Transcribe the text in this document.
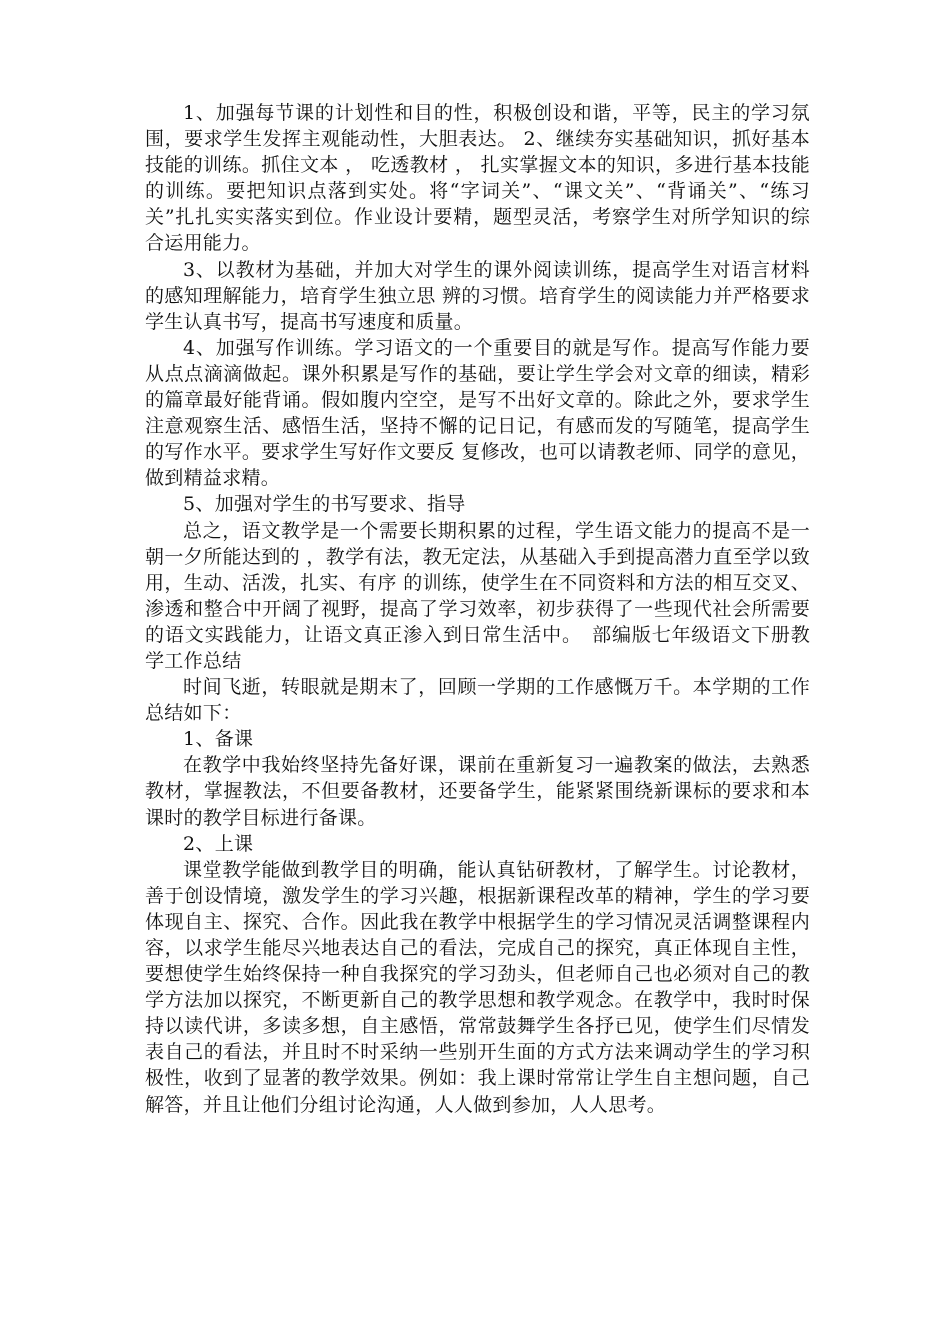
1、加强每节课的计划性和目的性，积极创设和谐，平等，民主的学习氛围，要求学生发挥主观能动性，大胆表达。 2、继续夯实基础知识，抓好基本技能的训练。抓住文本 ， 吃透教材 ， 扎实掌握文本的知识，多进行基本技能的训练。要把知识点落到实处。将“字词关”、“课文关”、“背诵关”、“练习关”扎扎实实落实到位。作业设计要精，题型灵活，考察学生对所学知识的综合运用能力。

3、以教材为基础，并加大对学生的课外阅读训练，提高学生对语言材料的感知理解能力，培育学生独立思 辨的习惯。培育学生的阅读能力并严格要求学生认真书写，提高书写速度和质量。

4、加强写作训练。学习语文的一个重要目的就是写作。提高写作能力要从点点滴滴做起。课外积累是写作的基础，要让学生学会对文章的细读，精彩的篇章最好能背诵。假如腹内空空，是写不出好文章的。除此之外，要求学生注意观察生活、感悟生活，坚持不懈的记日记，有感而发的写随笔，提高学生的写作水平。要求学生写好作文要反 复修改，也可以请教老师、同学的意见，做到精益求精。

5、加强对学生的书写要求、指导

总之，语文教学是一个需要长期积累的过程，学生语文能力的提高不是一朝一夕所能达到的 ，教学有法，教无定法，从基础入手到提高潜力直至学以致用，生动、活泼，扎实、有序 的训练，使学生在不同资料和方法的相互交叉、渗透和整合中开阔了视野，提高了学习效率，初步获得了一些现代社会所需要的语文实践能力，让语文真正渗入到日常生活中。　部编版七年级语文下册教学工作总结

时间飞逝，转眼就是期末了，回顾一学期的工作感慨万千。本学期的工作总结如下：

1、备课

在教学中我始终坚持先备好课，课前在重新复习一遍教案的做法，去熟悉教材，掌握教法，不但要备教材，还要备学生，能紧紧围绕新课标的要求和本课时的教学目标进行备课。

2、上课

课堂教学能做到教学目的明确，能认真钻研教材，了解学生。讨论教材，善于创设情境，激发学生的学习兴趣，根据新课程改革的精神，学生的学习要体现自主、探究、合作。因此我在教学中根据学生的学习情况灵活调整课程内容，以求学生能尽兴地表达自己的看法，完成自己的探究，真正体现自主性，要想使学生始终保持一种自我探究的学习劲头，但老师自己也必须对自己的教学方法加以探究，不断更新自己的教学思想和教学观念。在教学中，我时时保持以读代讲，多读多想，自主感悟，常常鼓舞学生各抒已见，使学生们尽情发表自己的看法，并且时不时采纳一些别开生面的方式方法来调动学生的学习积极性，收到了显著的教学效果。例如：我上课时常常让学生自主想问题，自己解答，并且让他们分组讨论沟通，人人做到参加，人人思考。
